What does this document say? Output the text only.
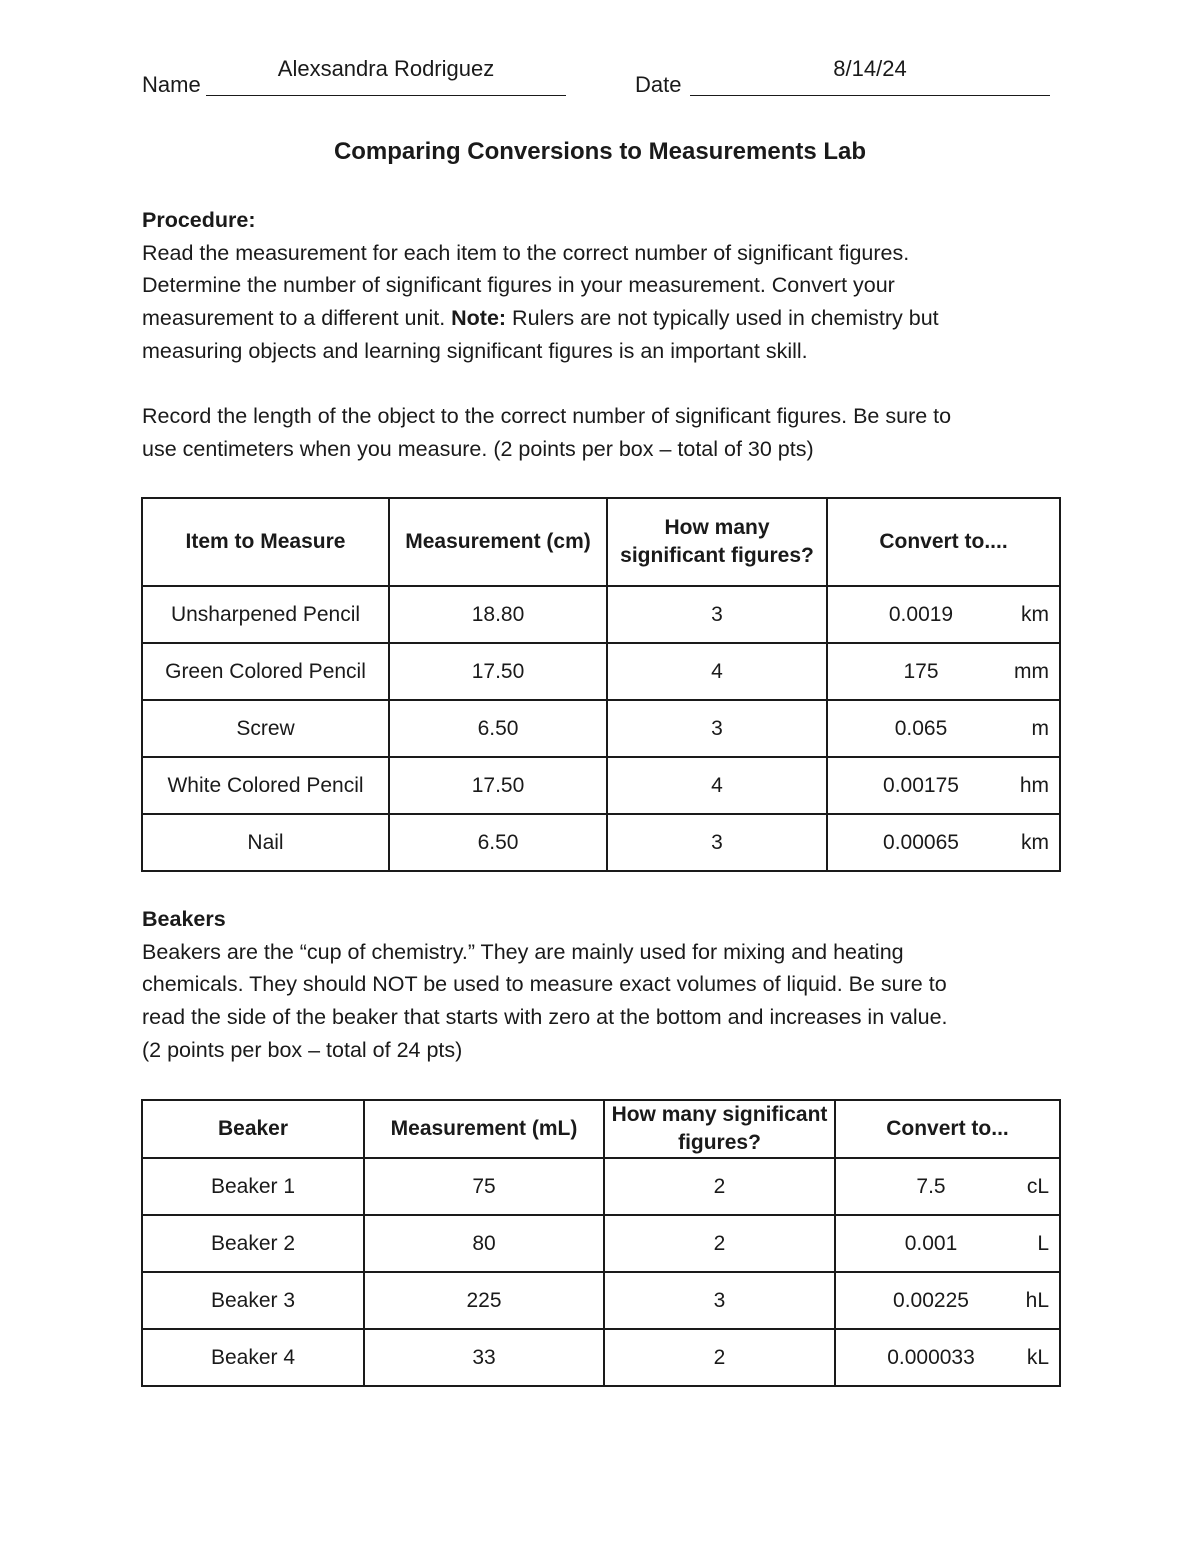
Name
Alexsandra Rodriguez
Date
8/14/24
Comparing Conversions to Measurements Lab

Procedure:

Read the measurement for each item to the correct number of significant figures.

Determine the number of significant figures in your measurement. Convert your

measurement to a different unit. Note: Rulers are not typically used in chemistry but

measuring objects and learning significant figures is an important skill.

Record the length of the object to the correct number of significant figures. Be sure to

use centimeters when you measure. (2 points per box – total of 30 pts)

Item to Measure	Measurement (cm)	How many significant figures?	Convert to....
Unsharpened Pencil	18.80	3	0.0019 km

Green Colored Pencil	17.50	4	175 mm

Screw	6.50	3	0.065 m

White Colored Pencil	17.50	4	0.00175 hm

Nail	6.50	3	0.00065 km

Beakers

Beakers are the “cup of chemistry.” They are mainly used for mixing and heating

chemicals. They should NOT be used to measure exact volumes of liquid. Be sure to

read the side of the beaker that starts with zero at the bottom and increases in value.

(2 points per box – total of 24 pts)

Beaker	Measurement (mL)	How many significant figures?	Convert to...
Beaker 1	75	2	7.5 cL

Beaker 2	80	2	0.001 L

Beaker 3	225	3	0.00225 hL

Beaker 4	33	2	0.000033 kL
